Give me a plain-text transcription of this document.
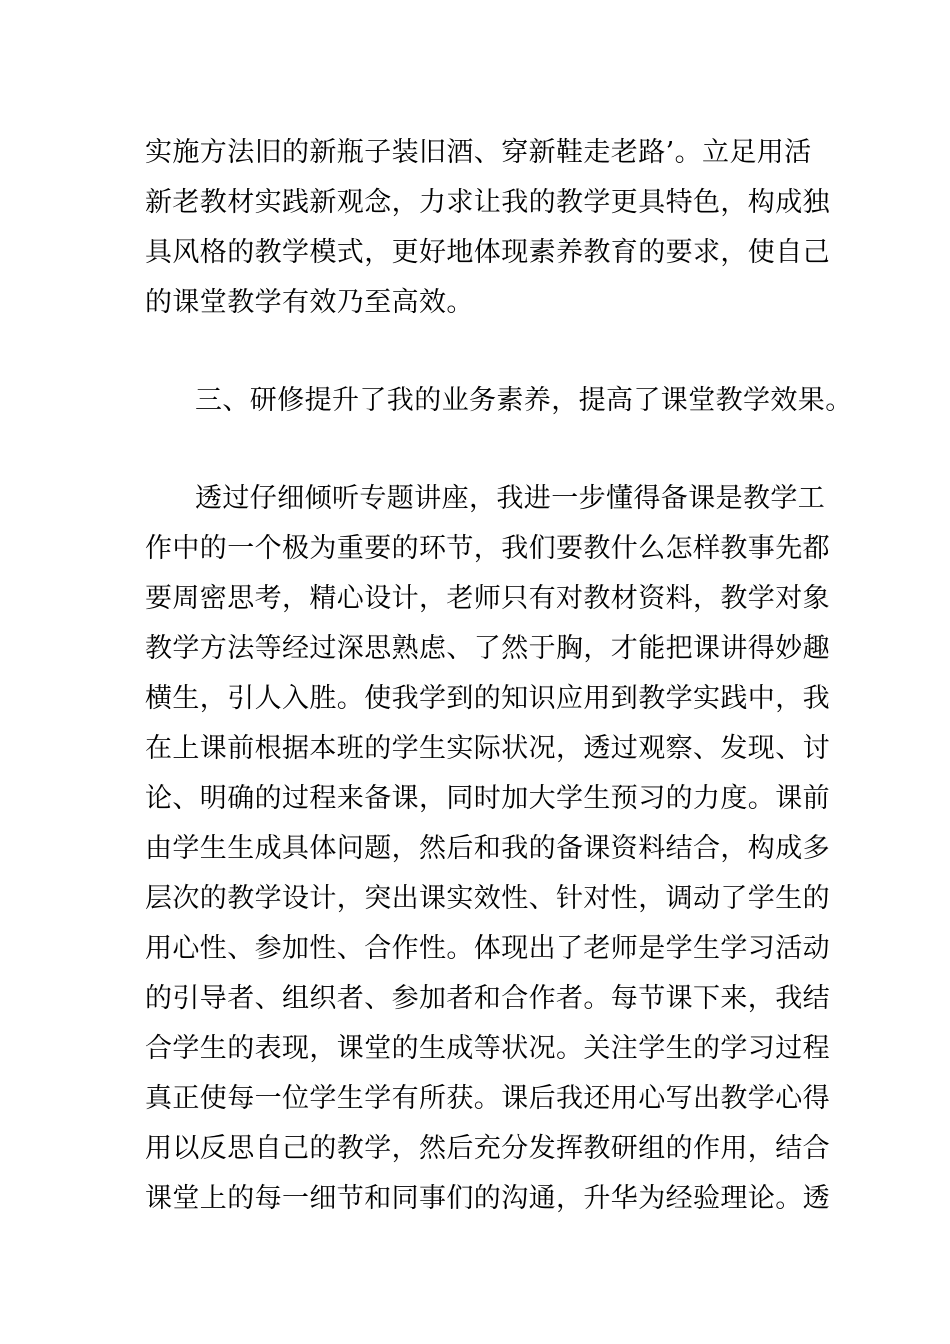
实施方法旧的新瓶子装旧酒、穿新鞋走老路’。立足用活
新老教材实践新观念，力求让我的教学更具特色，构成独
具风格的教学模式，更好地体现素养教育的要求，使自己
的课堂教学有效乃至高效。
三、研修提升了我的业务素养，提高了课堂教学效果。
透过仔细倾听专题讲座，我进一步懂得备课是教学工
作中的一个极为重要的环节，我们要教什么怎样教事先都
要周密思考，精心设计，老师只有对教材资料，教学对象
教学方法等经过深思熟虑、了然于胸，才能把课讲得妙趣
横生，引人入胜。使我学到的知识应用到教学实践中，我
在上课前根据本班的学生实际状况，透过观察、发现、讨
论、明确的过程来备课，同时加大学生预习的力度。课前
由学生生成具体问题，然后和我的备课资料结合，构成多
层次的教学设计，突出课实效性、针对性，调动了学生的
用心性、参加性、合作性。体现出了老师是学生学习活动
的引导者、组织者、参加者和合作者。每节课下来，我结
合学生的表现，课堂的生成等状况。关注学生的学习过程
真正使每一位学生学有所获。课后我还用心写出教学心得
用以反思自己的教学，然后充分发挥教研组的作用，结合
课堂上的每一细节和同事们的沟通，升华为经验理论。透
